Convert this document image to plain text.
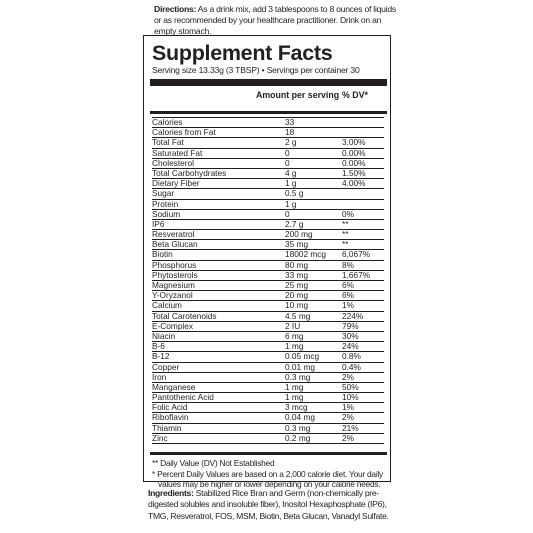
Directions: As a drink mix, add 3 tablespoons to 8 ounces of liquids or as recommended by your healthcare practitioner. Drink on an empty stomach.
Supplement Facts
Serving size 13.33g (3 TBSP) • Servings per container 30
Amount per serving % DV*
Calories	33
Calories from Fat	18
Total Fat	2 g	3.00%
Saturated Fat	0	0.00%
Cholesterol	0	0.00%
Total Carbohydrates	4 g	1.50%
Dietary Fiber	1 g	4.00%
Sugar	0.5 g
Protein	1 g
Sodium	0	0%
IP6	2.7 g	**
Resveratrol	200 mg	**
Beta Glucan	35 mg	**
Biotin	18002 mcg 6,067%
Phosphorus	80 mg	8%
Phytosterols	33 mg	1,667%
Magnesium	25 mg	6%
Y-Oryzanol	20 mg	6%
Calcium	10 mg	1%
Total Carotenoids	4.5 mg	224%
E-Complex	2 IU	79%
Niacin	6 mg	30%
B-6	1 mg	24%
B-12	0.05 mcg	0.8%
Copper	0.01 mg	0.4%
Iron	0.3 mg	2%
Manganese	1 mg	50%
Pantothenic Acid	1 mg	10%
Folic Acid	3 mcg	1%
Riboflavin	0.04 mg	2%
Thiamin	0.3 mg	21%
Zinc	0.2 mg	2%
** Daily Value (DV) Not Established
* Percent Daily Values are based on a 2,000 calorie diet. Your daily
values may be higher or lower depending on your calorie needs.
Ingredients: Stabilized Rice Bran and Germ (non-chemically pre-digested solubles and insoluble fiber), Inositol Hexaphosphate (IP6), TMG, Resveratrol, FOS, MSM, Biotin, Beta Glucan, Vanadyl Sulfate.
